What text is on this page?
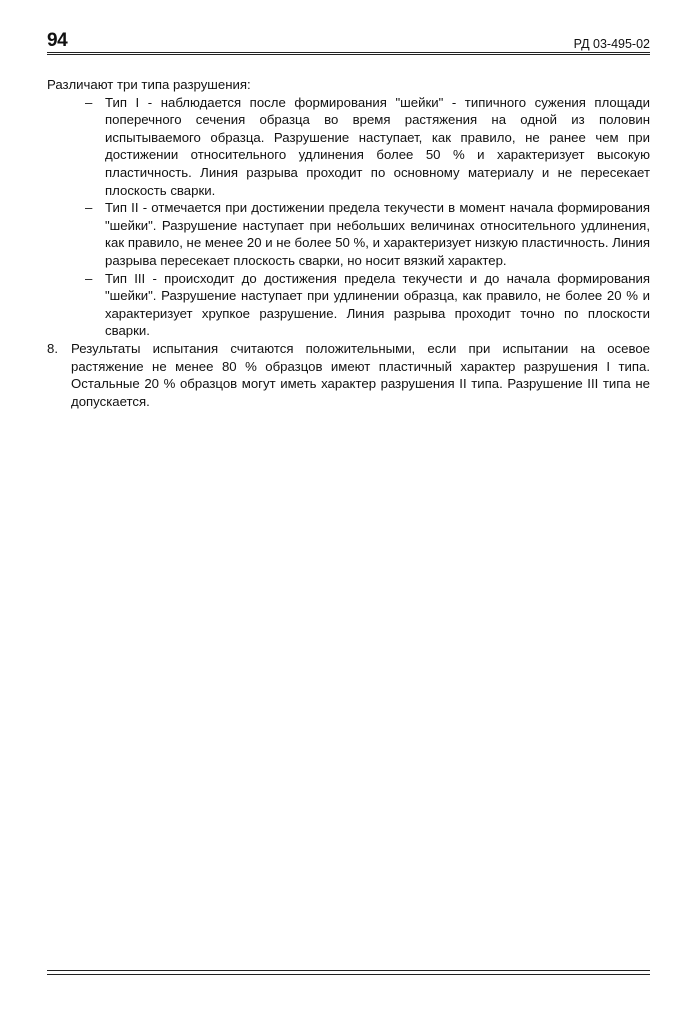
94	РД 03-495-02

Различают три типа разрушения:

– Тип I - наблюдается после формирования "шейки" - типичного сужения площади поперечного сечения образца во время растяжения на одной из половин испытываемого образца. Разрушение наступает, как правило, не ранее чем при достижении относительного удлинения более 50 % и характеризует высокую пластичность. Линия разрыва проходит по основному материалу и не пересекает плоскость сварки.
– Тип II - отмечается при достижении предела текучести в момент начала формирования "шейки". Разрушение наступает при небольших величинах относительного удлинения, как правило, не менее 20 и не более 50 %, и характеризует низкую пластичность. Линия разрыва пересекает плоскость сварки, но носит вязкий характер.
– Тип III - происходит до достижения предела текучести и до начала формирования "шейки". Разрушение наступает при удлинении образца, как правило, не более 20 % и характеризует хрупкое разрушение. Линия разрыва проходит точно по плоскости сварки.
8. Результаты испытания считаются положительными, если при испытании на осевое растяжение не менее 80 % образцов имеют пластичный характер разрушения I типа. Остальные 20 % образцов могут иметь характер разрушения II типа. Разрушение III типа не допускается.
